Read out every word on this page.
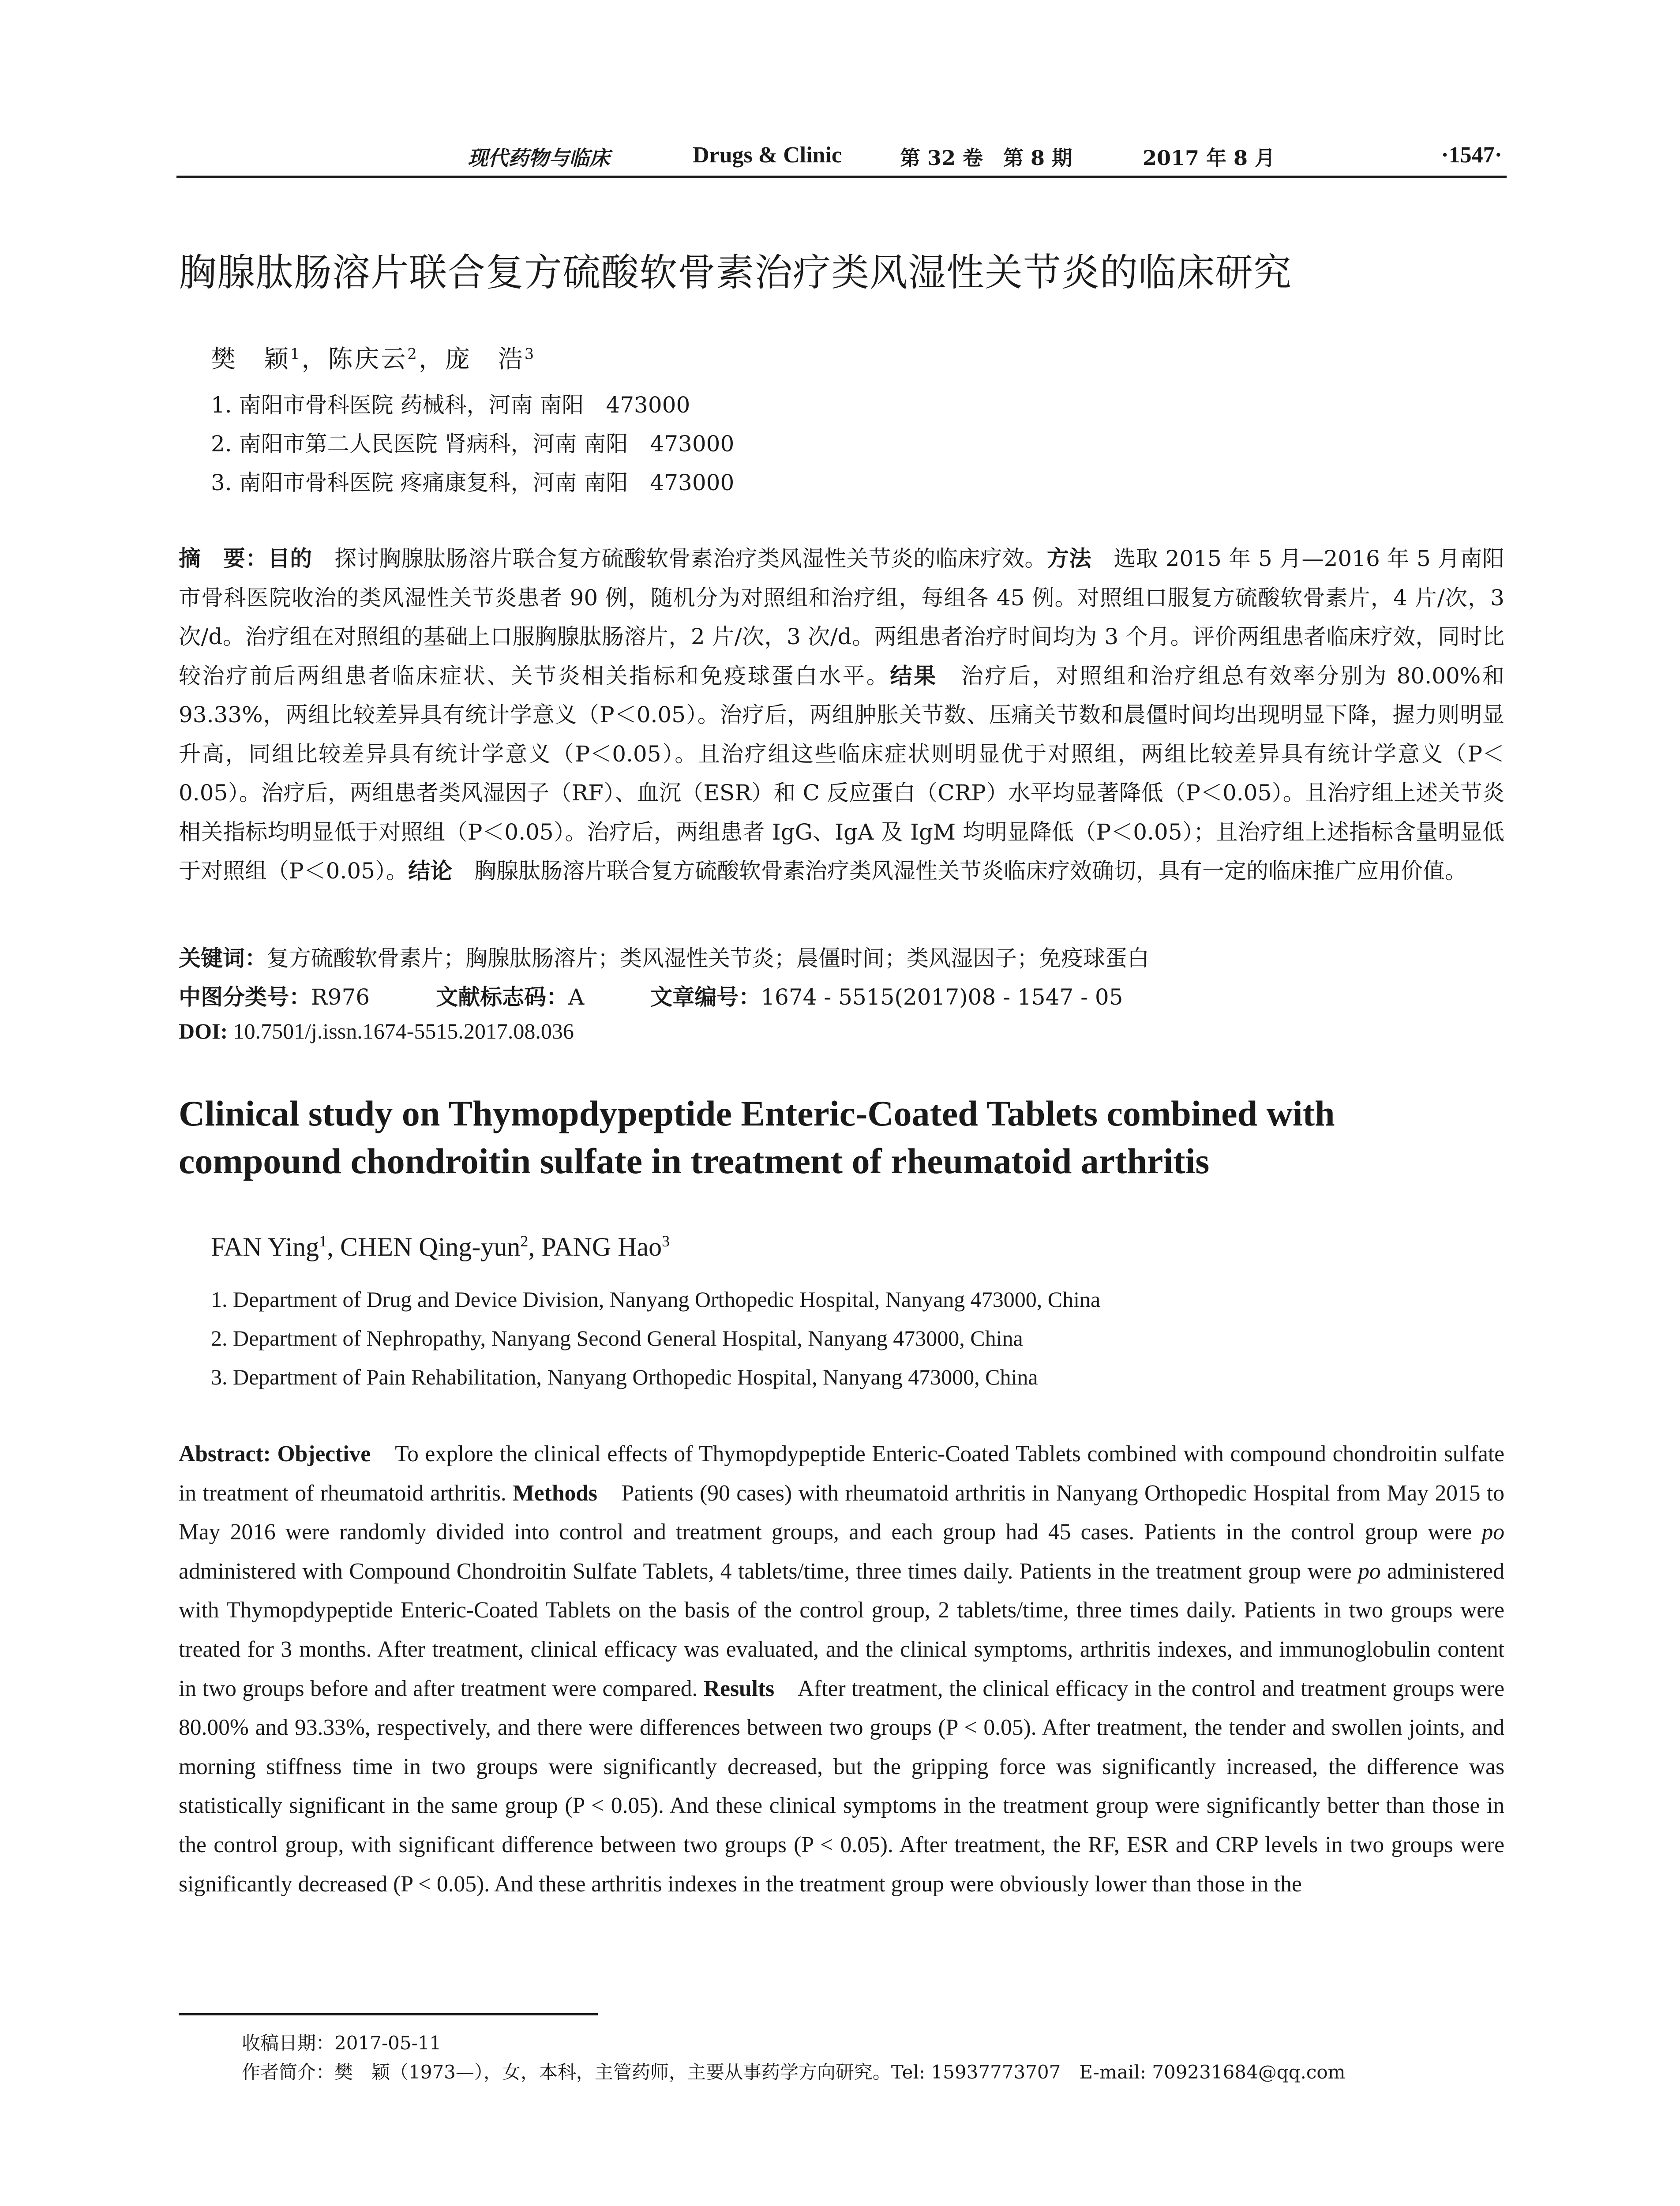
现代药物与临床	Drugs & Clinic	第 32 卷　第 8 期	2017 年 8 月	·1547·
胸腺肽肠溶片联合复方硫酸软骨素治疗类风湿性关节炎的临床研究
樊　颖$^1$，陈庆云$^2$，庞　浩$^3$
1. 南阳市骨科医院 药械科，河南 南阳　473000
2. 南阳市第二人民医院 肾病科，河南 南阳　473000
3. 南阳市骨科医院 疼痛康复科，河南 南阳　473000
摘　要：目的　探讨胸腺肽肠溶片联合复方硫酸软骨素治疗类风湿性关节炎的临床疗效。方法　选取 2015 年 5 月—2016 年 5 月南阳市骨科医院收治的类风湿性关节炎患者 90 例，随机分为对照组和治疗组，每组各 45 例。对照组口服复方硫酸软骨素片，4 片/次，3 次/d。治疗组在对照组的基础上口服胸腺肽肠溶片，2 片/次，3 次/d。两组患者治疗时间均为 3 个月。评价两组患者临床疗效，同时比较治疗前后两组患者临床症状、关节炎相关指标和免疫球蛋白水平。结果　治疗后，对照组和治疗组总有效率分别为 80.00%和 93.33%，两组比较差异具有统计学意义（P＜0.05）。治疗后，两组肿胀关节数、压痛关节数和晨僵时间均出现明显下降，握力则明显升高，同组比较差异具有统计学意义（P＜0.05）。且治疗组这些临床症状则明显优于对照组，两组比较差异具有统计学意义（P＜0.05）。治疗后，两组患者类风湿因子（RF）、血沉（ESR）和 C 反应蛋白（CRP）水平均显著降低（P＜0.05）。且治疗组上述关节炎相关指标均明显低于对照组（P＜0.05）。治疗后，两组患者 IgG、IgA 及 IgM 均明显降低（P＜0.05）；且治疗组上述指标含量明显低于对照组（P＜0.05）。结论　胸腺肽肠溶片联合复方硫酸软骨素治疗类风湿性关节炎临床疗效确切，具有一定的临床推广应用价值。
关键词：复方硫酸软骨素片；胸腺肽肠溶片；类风湿性关节炎；晨僵时间；类风湿因子；免疫球蛋白
中图分类号：R976	文献标志码：A	文章编号：1674 - 5515(2017)08 - 1547 - 05
DOI: 10.7501/j.issn.1674-5515.2017.08.036
Clinical study on Thymopdypeptide Enteric-Coated Tablets combined with compound chondroitin sulfate in treatment of rheumatoid arthritis
FAN Ying$^1$, CHEN Qing-yun$^2$, PANG Hao$^3$
1. Department of Drug and Device Division, Nanyang Orthopedic Hospital, Nanyang 473000, China
2. Department of Nephropathy, Nanyang Second General Hospital, Nanyang 473000, China
3. Department of Pain Rehabilitation, Nanyang Orthopedic Hospital, Nanyang 473000, China
Abstract: Objective　To explore the clinical effects of Thymopdypeptide Enteric-Coated Tablets combined with compound chondroitin sulfate in treatment of rheumatoid arthritis. Methods　Patients (90 cases) with rheumatoid arthritis in Nanyang Orthopedic Hospital from May 2015 to May 2016 were randomly divided into control and treatment groups, and each group had 45 cases. Patients in the control group were po administered with Compound Chondroitin Sulfate Tablets, 4 tablets/time, three times daily. Patients in the treatment group were po administered with Thymopdypeptide Enteric-Coated Tablets on the basis of the control group, 2 tablets/time, three times daily. Patients in two groups were treated for 3 months. After treatment, clinical efficacy was evaluated, and the clinical symptoms, arthritis indexes, and immunoglobulin content in two groups before and after treatment were compared. Results　After treatment, the clinical efficacy in the control and treatment groups were 80.00% and 93.33%, respectively, and there were differences between two groups (P < 0.05). After treatment, the tender and swollen joints, and morning stiffness time in two groups were significantly decreased, but the gripping force was significantly increased, the difference was statistically significant in the same group (P < 0.05). And these clinical symptoms in the treatment group were significantly better than those in the control group, with significant difference between two groups (P < 0.05). After treatment, the RF, ESR and CRP levels in two groups were significantly decreased (P < 0.05). And these arthritis indexes in the treatment group were obviously lower than those in the
收稿日期：2017-05-11
作者简介：樊　颖（1973—），女，本科，主管药师，主要从事药学方向研究。Tel: 15937773707　E-mail: 709231684@qq.com
